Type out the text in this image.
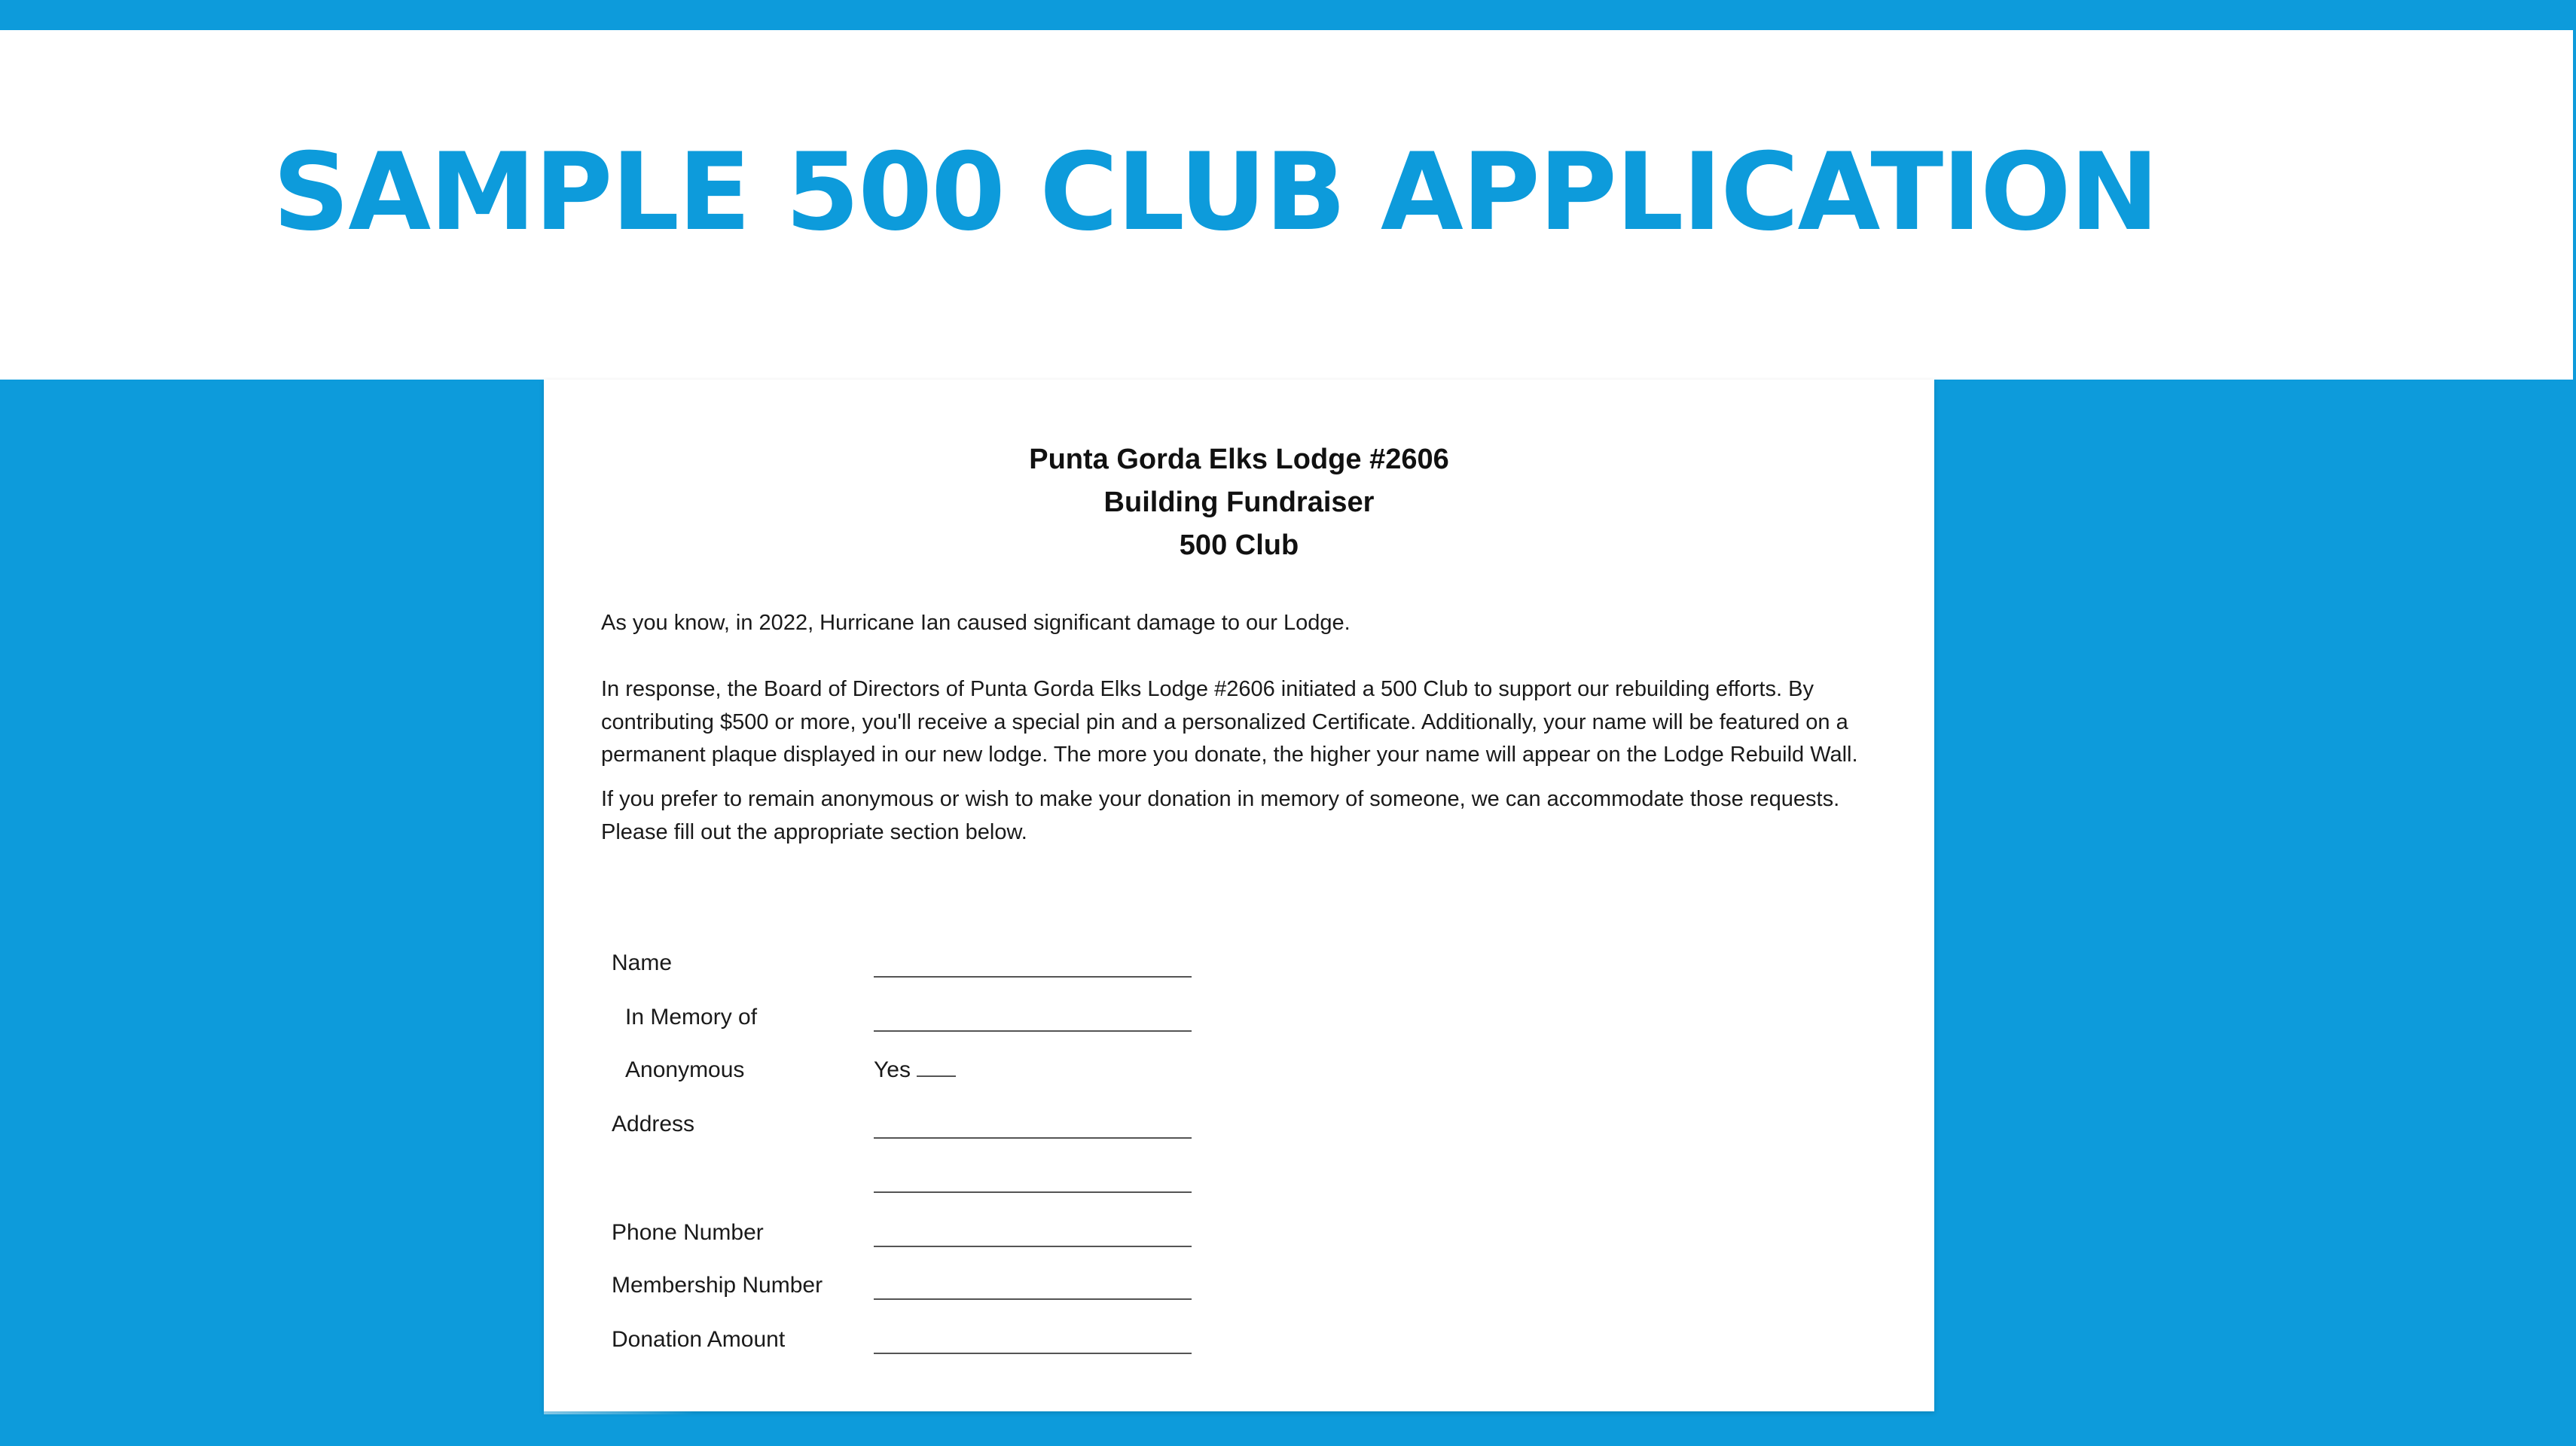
SAMPLE 500 CLUB APPLICATION
Punta Gorda Elks Lodge #2606
Building Fundraiser
500 Club

As you know, in 2022, Hurricane Ian caused significant damage to our Lodge.

In response, the Board of Directors of Punta Gorda Elks Lodge #2606 initiated a 500 Club to support our rebuilding efforts. By contributing $500 or more, you'll receive a special pin and a personalized Certificate. Additionally, your name will be featured on a permanent plaque displayed in our new lodge. The more you donate, the higher your name will appear on the Lodge Rebuild Wall.

If you prefer to remain anonymous or wish to make your donation in memory of someone, we can accommodate those requests. Please fill out the appropriate section below.

Name
In Memory of
Anonymous	Yes
Address
Phone Number
Membership Number
Donation Amount
